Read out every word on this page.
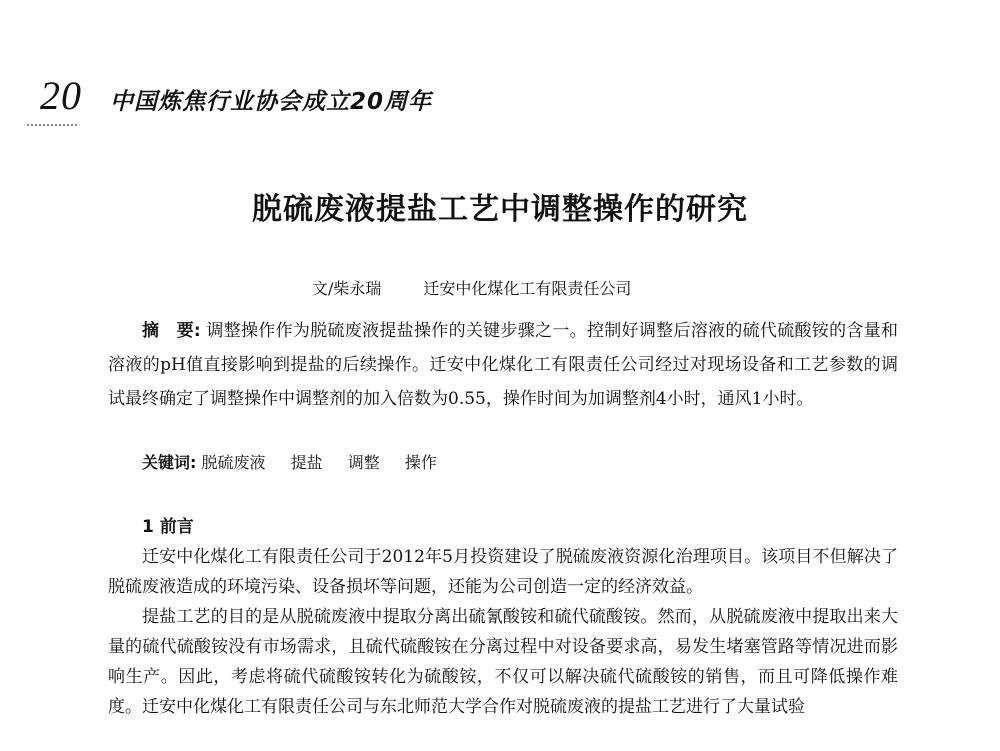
20 中国炼焦行业协会成立20周年
脱硫废液提盐工艺中调整操作的研究
文/柴永瑞	迁安中化煤化工有限责任公司
摘　要: 调整操作作为脱硫废液提盐操作的关键步骤之一。控制好调整后溶液的硫代硫酸铵的含量和溶液的pH值直接影响到提盐的后续操作。迁安中化煤化工有限责任公司经过对现场设备和工艺参数的调试最终确定了调整操作中调整剂的加入倍数为0.55，操作时间为加调整剂4小时，通风1小时。
关键词: 脱硫废液 提盐 调整 操作
1 前言

迁安中化煤化工有限责任公司于2012年5月投资建设了脱硫废液资源化治理项目。该项目不但解决了脱硫废液造成的环境污染、设备损坏等问题，还能为公司创造一定的经济效益。

提盐工艺的目的是从脱硫废液中提取分离出硫氰酸铵和硫代硫酸铵。然而，从脱硫废液中提取出来大量的硫代硫酸铵没有市场需求，且硫代硫酸铵在分离过程中对设备要求高，易发生堵塞管路等情况进而影响生产。因此，考虑将硫代硫酸铵转化为硫酸铵，不仅可以解决硫代硫酸铵的销售，而且可降低操作难度。迁安中化煤化工有限责任公司与东北师范大学合作对脱硫废液的提盐工艺进行了大量试验
